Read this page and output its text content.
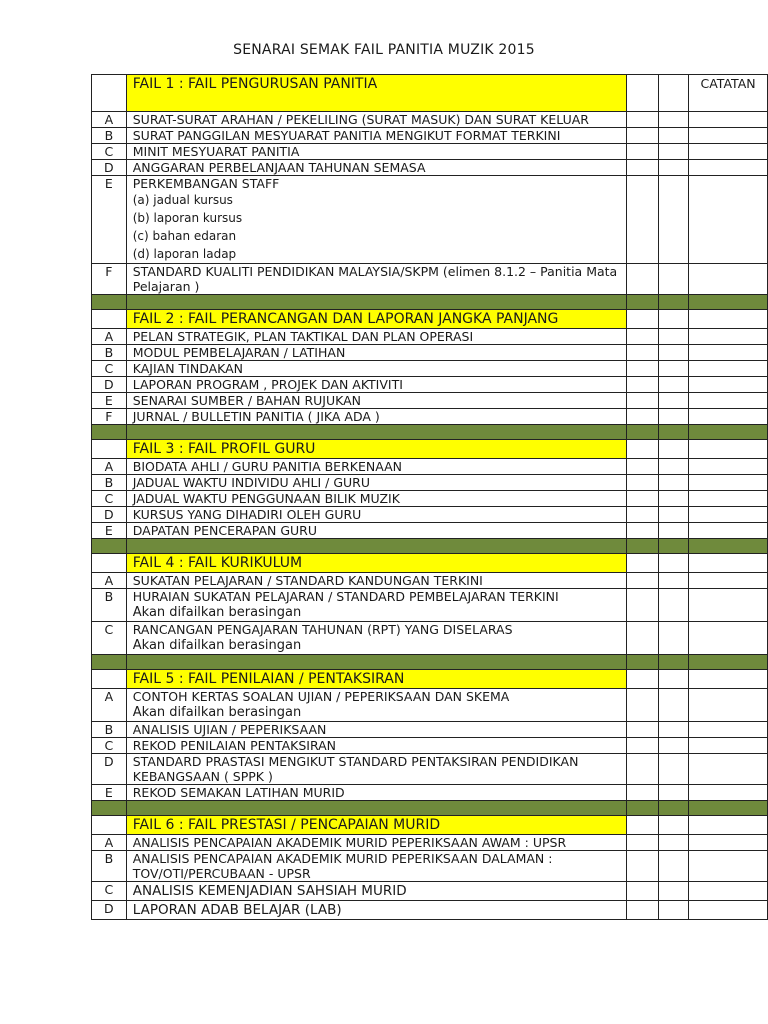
SENARAI SEMAK FAIL PANITIA MUZIK 2015
	FAIL 1 : FAIL PENGURUSAN PANITIA			CATATAN
A	SURAT-SURAT ARAHAN / PEKELILING (SURAT MASUK) DAN SURAT KELUAR			
B	SURAT PANGGILAN MESYUARAT PANITIA MENGIKUT FORMAT TERKINI			
C	MINIT MESYUARAT PANITIA			
D	ANGGARAN PERBELANJAAN TAHUNAN SEMASA			
E	PERKEMBANGAN STAFF
(a) jadual kursus
(b) laporan kursus
(c) bahan edaran
(d) laporan ladap			

F	STANDARD KUALITI PENDIDIKAN MALAYSIA/SKPM (elimen 8.1.2 – Panitia Mata Pelajaran )			

	FAIL 2 : FAIL PERANCANGAN DAN LAPORAN JANGKA PANJANG			
A	PELAN STRATEGIK, PLAN TAKTIKAL DAN PLAN OPERASI			
B	MODUL PEMBELAJARAN / LATIHAN			
C	KAJIAN TINDAKAN			
D	LAPORAN PROGRAM , PROJEK DAN AKTIVITI			
E	SENARAI SUMBER / BAHAN RUJUKAN			
F	JURNAL / BULLETIN PANITIA ( JIKA ADA )			

	FAIL 3 : FAIL PROFIL GURU			
A	BIODATA AHLI / GURU PANITIA BERKENAAN			
B	JADUAL WAKTU INDIVIDU AHLI / GURU			
C	JADUAL WAKTU PENGGUNAAN BILIK MUZIK			
D	KURSUS YANG DIHADIRI OLEH GURU			
E	DAPATAN PENCERAPAN GURU			

	FAIL 4 : FAIL KURIKULUM			
A	SUKATAN PELAJARAN / STANDARD KANDUNGAN TERKINI			
B	HURAIAN SUKATAN PELAJARAN / STANDARD PEMBELAJARAN TERKINI
Akan difailkan berasingan			

C	RANCANGAN PENGAJARAN TAHUNAN (RPT) YANG DISELARAS
Akan difailkan berasingan			

	FAIL 5 : FAIL PENILAIAN / PENTAKSIRAN			
A	CONTOH KERTAS SOALAN UJIAN / PEPERIKSAAN DAN SKEMA
Akan difailkan berasingan			

B	ANALISIS UJIAN / PEPERIKSAAN			
C	REKOD PENILAIAN PENTAKSIRAN			
D	STANDARD PRASTASI MENGIKUT STANDARD PENTAKSIRAN PENDIDIKAN KEBANGSAAN ( SPPK )			
E	REKOD SEMAKAN LATIHAN MURID			

	FAIL 6 : FAIL PRESTASI / PENCAPAIAN MURID			
A	ANALISIS PENCAPAIAN AKADEMIK MURID PEPERIKSAAN AWAM : UPSR			
B	ANALISIS PENCAPAIAN AKADEMIK MURID PEPERIKSAAN DALAMAN : TOV/OTI/PERCUBAAN - UPSR			
C	ANALISIS KEMENJADIAN SAHSIAH MURID			
D	LAPORAN ADAB BELAJAR (LAB)			
